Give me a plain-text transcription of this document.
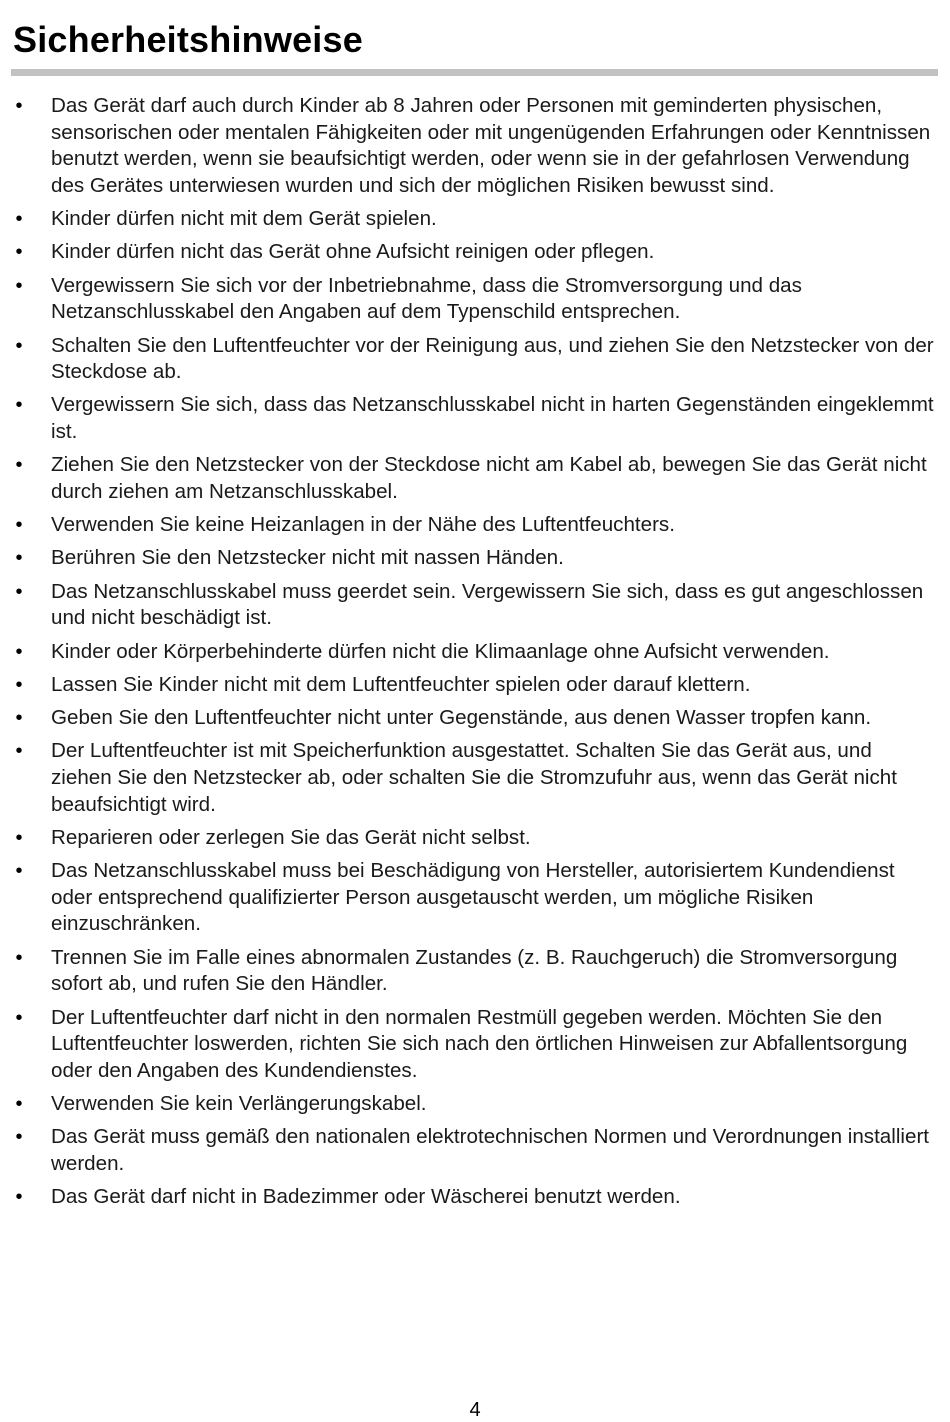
Sicherheitshinweise
• Das Gerät darf auch durch Kinder ab 8 Jahren oder Personen mit geminderten physischen, sensorischen oder mentalen Fähigkeiten oder mit ungenügenden Erfahrungen oder Kenntnissen benutzt werden, wenn sie beaufsichtigt werden, oder wenn sie in der gefahrlosen Verwendung des Gerätes unterwiesen wurden und sich der möglichen Risiken bewusst sind.
• Kinder dürfen nicht mit dem Gerät spielen.
• Kinder dürfen nicht das Gerät ohne Aufsicht reinigen oder pflegen.
• Vergewissern Sie sich vor der Inbetriebnahme, dass die Stromversorgung und das Netzanschlusskabel den Angaben auf dem Typenschild entsprechen.
• Schalten Sie den Luftentfeuchter vor der Reinigung aus, und ziehen Sie den Netzstecker von der Steckdose ab.
• Vergewissern Sie sich, dass das Netzanschlusskabel nicht in harten Gegenständen eingeklemmt ist.
• Ziehen Sie den Netzstecker von der Steckdose nicht am Kabel ab, bewegen Sie das Gerät nicht durch ziehen am Netzanschlusskabel.
• Verwenden Sie keine Heizanlagen in der Nähe des Luftentfeuchters.
• Berühren Sie den Netzstecker nicht mit nassen Händen.
• Das Netzanschlusskabel muss geerdet sein. Vergewissern Sie sich, dass es gut angeschlossen und nicht beschädigt ist.
• Kinder oder Körperbehinderte dürfen nicht die Klimaanlage ohne Aufsicht verwenden.
• Lassen Sie Kinder nicht mit dem Luftentfeuchter spielen oder darauf klettern.
• Geben Sie den Luftentfeuchter nicht unter Gegenstände, aus denen Wasser tropfen kann.
• Der Luftentfeuchter ist mit Speicherfunktion ausgestattet. Schalten Sie das Gerät aus, und ziehen Sie den Netzstecker ab, oder schalten Sie die Stromzufuhr aus, wenn das Gerät nicht beaufsichtigt wird.
• Reparieren oder zerlegen Sie das Gerät nicht selbst.
• Das Netzanschlusskabel muss bei Beschädigung von Hersteller, autorisiertem Kundendienst oder entsprechend qualifizierter Person ausgetauscht werden, um mögliche Risiken einzuschränken.
• Trennen Sie im Falle eines abnormalen Zustandes (z. B. Rauchgeruch) die Stromversorgung sofort ab, und rufen Sie den Händler.
• Der Luftentfeuchter darf nicht in den normalen Restmüll gegeben werden. Möchten Sie den Luftentfeuchter loswerden, richten Sie sich nach den örtlichen Hinweisen zur Abfallentsorgung oder den Angaben des Kundendienstes.
• Verwenden Sie kein Verlängerungskabel.
• Das Gerät muss gemäß den nationalen elektrotechnischen Normen und Verordnungen installiert werden.
• Das Gerät darf nicht in Badezimmer oder Wäscherei benutzt werden.
4
